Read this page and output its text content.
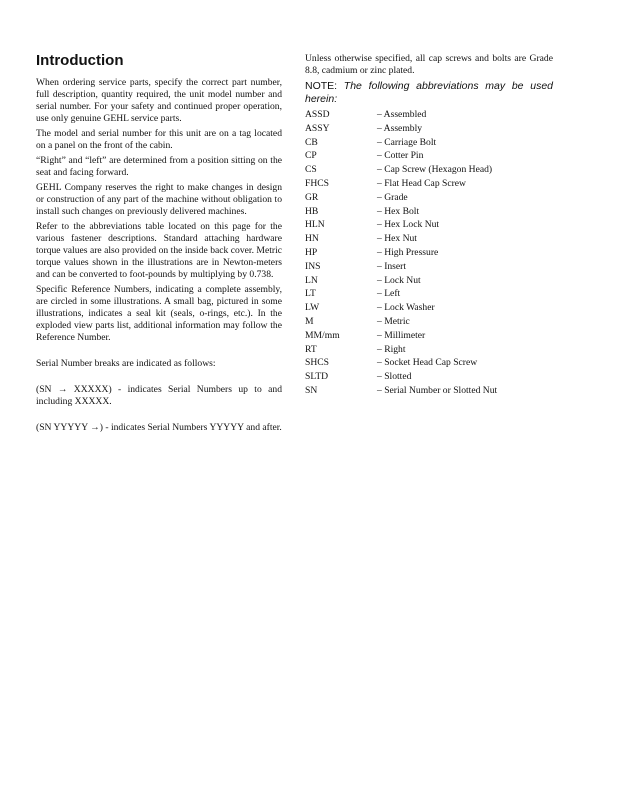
Introduction

When ordering service parts, specify the correct part number, full description, quantity required, the unit model number and serial number. For your safety and continued proper operation, use only genuine GEHL service parts.

The model and serial number for this unit are on a tag located on a panel on the front of the cabin.

“Right” and “left” are determined from a position sitting on the seat and facing forward.

GEHL Company reserves the right to make changes in design or construction of any part of the machine without obligation to install such changes on previously delivered machines.

Refer to the abbreviations table located on this page for the various fastener descriptions. Standard attaching hardware torque values are also provided on the inside back cover. Metric torque values shown in the illustrations are in Newton-meters and can be converted to foot-pounds by multiplying by 0.738.

Specific Reference Numbers, indicating a complete assembly, are circled in some illustrations. A small bag, pictured in some illustrations, indicates a seal kit (seals, o-rings, etc.). In the exploded view parts list, additional information may follow the Reference Number.

Serial Number breaks are indicated as follows:

(SN → XXXXX) - indicates Serial Numbers up to and including XXXXX.

(SN YYYYY →) - indicates Serial Numbers YYYYY and after.

Unless otherwise specified, all cap screws and bolts are Grade 8.8, cadmium or zinc plated.

NOTE: The following abbreviations may be used herein:
ASSD	– Assembled
ASSY	– Assembly
CB	– Carriage Bolt
CP	– Cotter Pin
CS	– Cap Screw (Hexagon Head)
FHCS	– Flat Head Cap Screw
GR	– Grade
HB	– Hex Bolt
HLN	– Hex Lock Nut
HN	– Hex Nut
HP	– High Pressure
INS	– Insert
LN	– Lock Nut
LT	– Left
LW	– Lock Washer
M	– Metric
MM/mm	– Millimeter
RT	– Right
SHCS	– Socket Head Cap Screw
SLTD	– Slotted
SN	– Serial Number or Slotted Nut
